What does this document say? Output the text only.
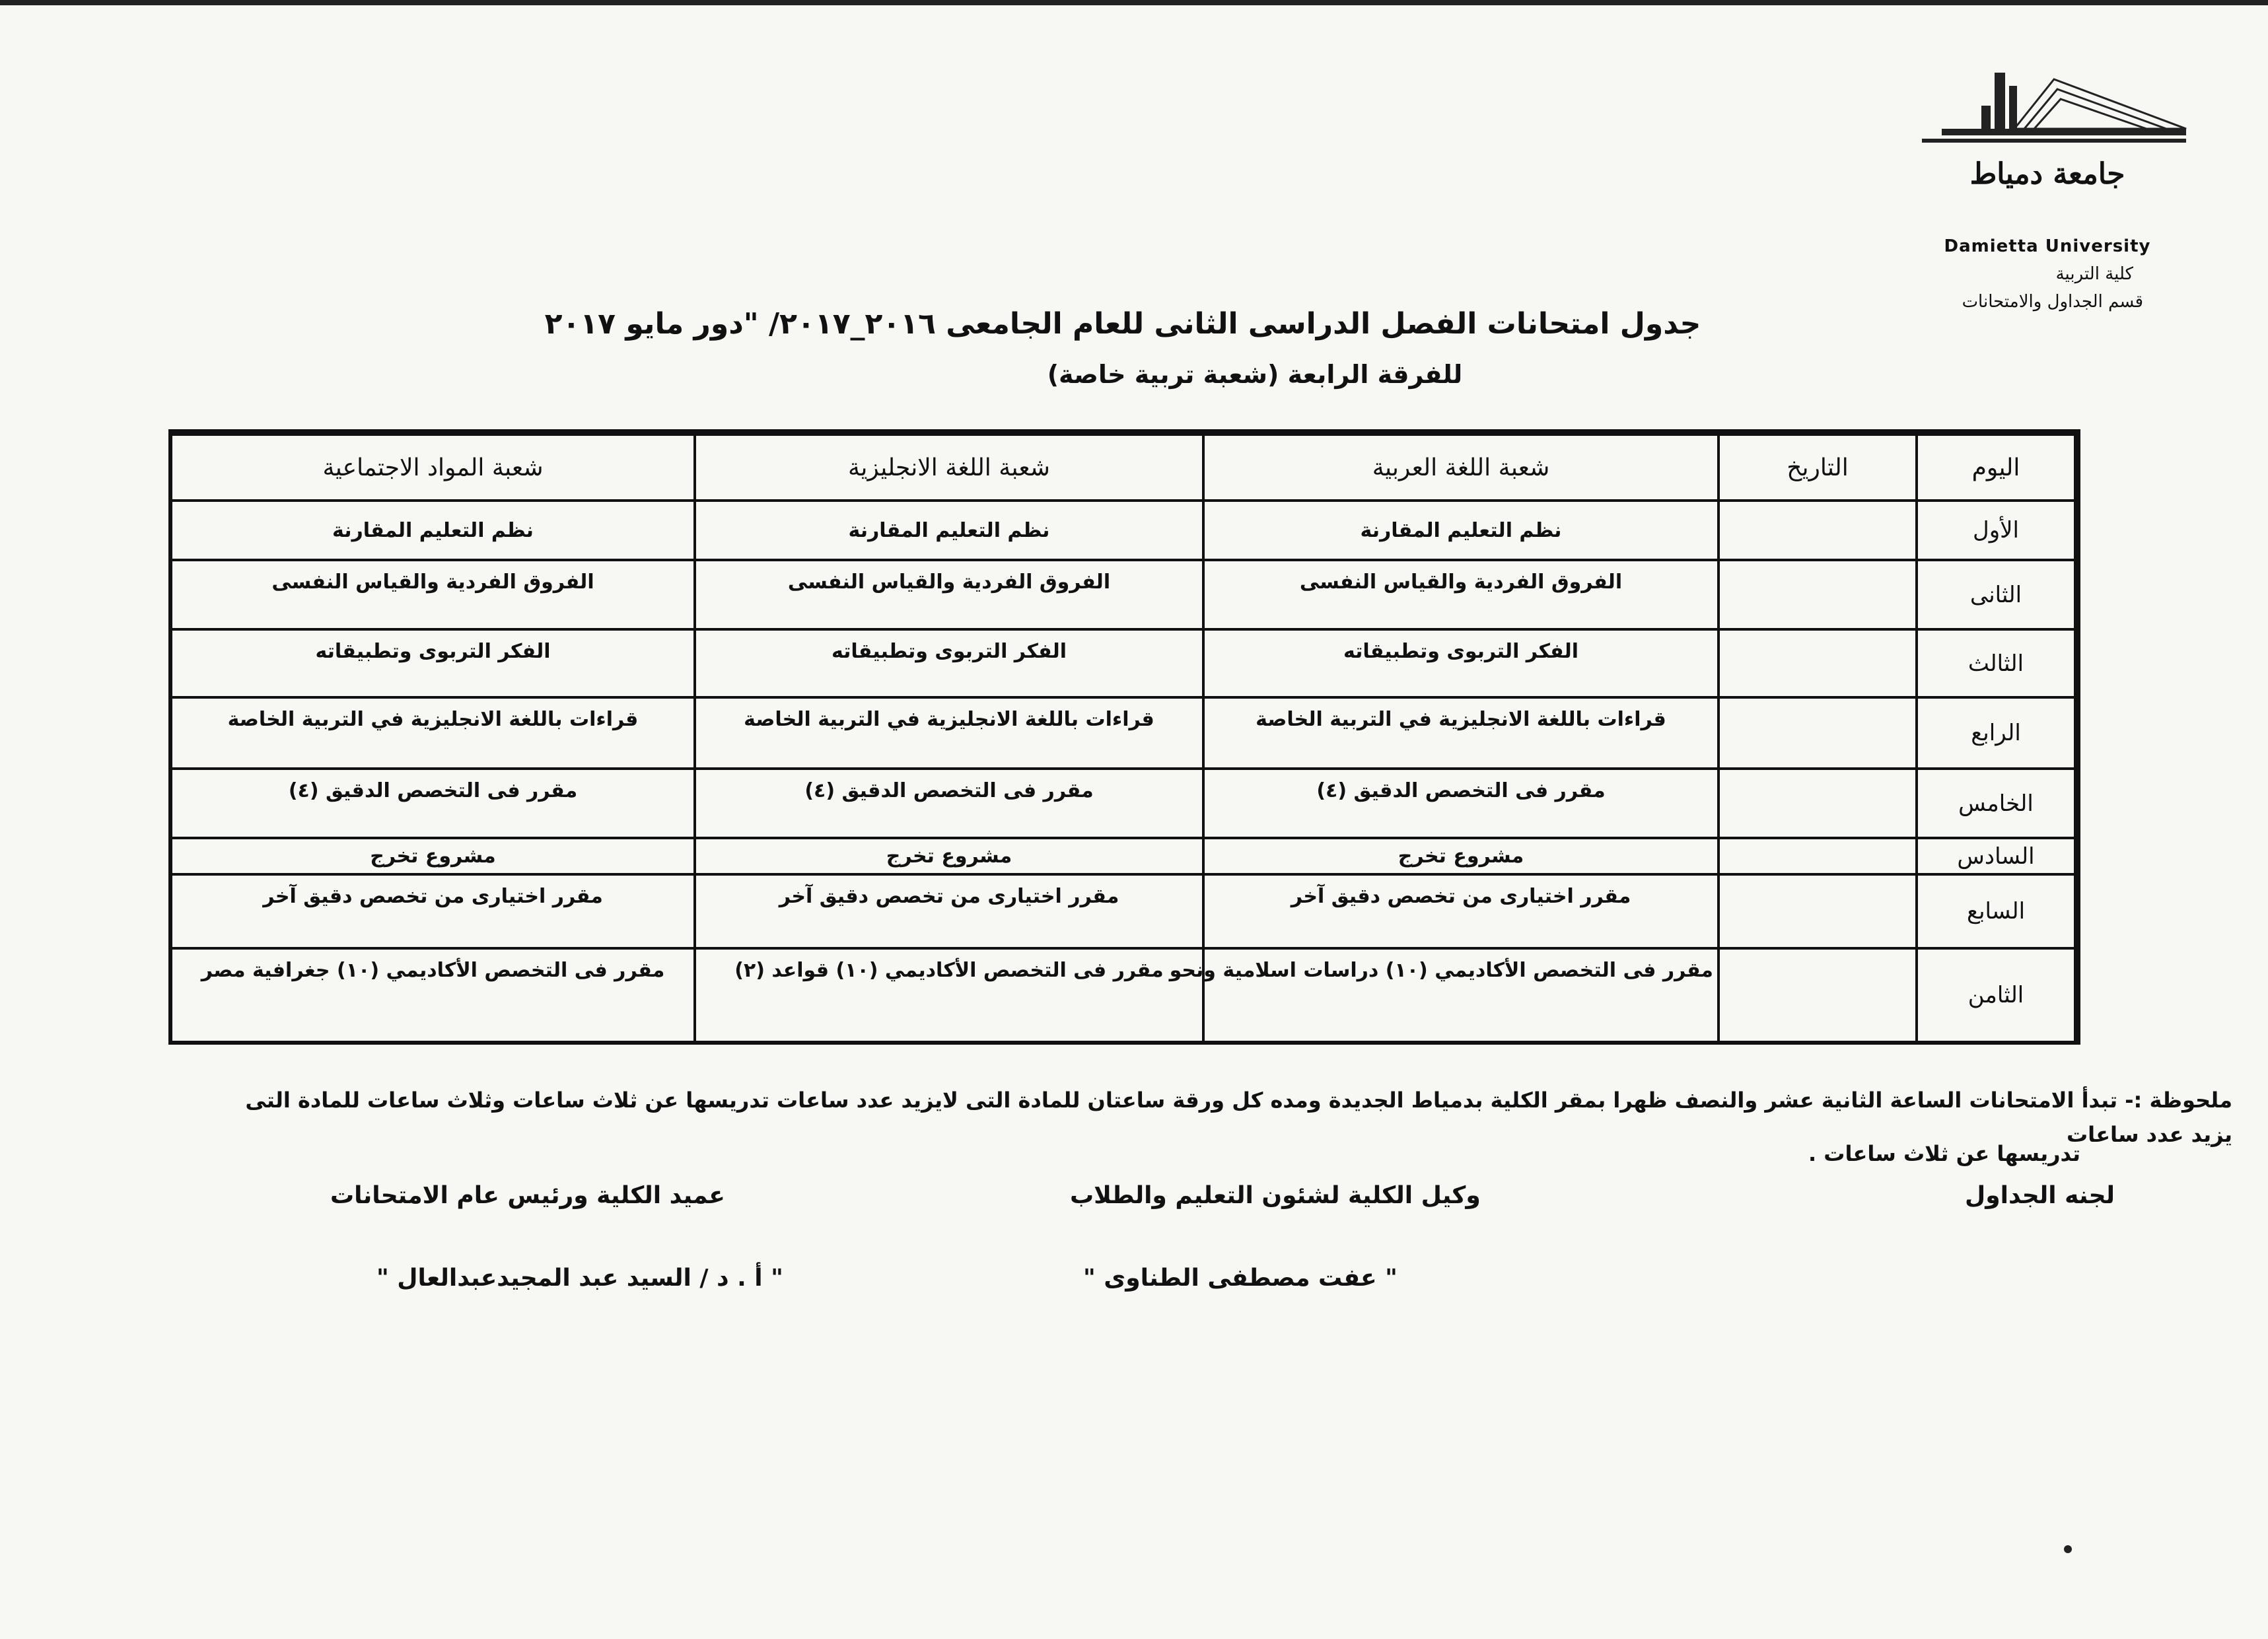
جامعة دمياط
Damietta University
كلية التربية
قسم الجداول والامتحانات
جدول امتحانات الفصل الدراسى الثانى للعام الجامعى ٢٠١٦_٢٠١٧/ "دور مايو ٢٠١٧
للفرقة الرابعة (شعبة تربية خاصة)
اليوم	التاريخ	شعبة اللغة العربية	شعبة اللغة الانجليزية	شعبة المواد الاجتماعية
الأول		نظم التعليم المقارنة	نظم التعليم المقارنة	نظم التعليم المقارنة
الثانى		الفروق الفردية والقياس النفسى	الفروق الفردية والقياس النفسى	الفروق الفردية والقياس النفسى
الثالث		الفكر التربوى وتطبيقاته	الفكر التربوى وتطبيقاته	الفكر التربوى وتطبيقاته
الرابع		قراءات باللغة الانجليزية في التربية الخاصة	قراءات باللغة الانجليزية في التربية الخاصة	قراءات باللغة الانجليزية في التربية الخاصة
الخامس		مقرر فى التخصص الدقيق (٤)	مقرر فى التخصص الدقيق (٤)	مقرر فى التخصص الدقيق (٤)
السادس		مشروع تخرج	مشروع تخرج	مشروع تخرج
السابع		مقرر اختيارى من تخصص دقيق آخر	مقرر اختيارى من تخصص دقيق آخر	مقرر اختيارى من تخصص دقيق آخر
الثامن		مقرر فى التخصص الأكاديمي (١٠) دراسات اسلامية ونحو	مقرر فى التخصص الأكاديمي (١٠) قواعد (٢)	مقرر فى التخصص الأكاديمي (١٠) جغرافية مصر
ملحوظة :- تبدأ الامتحانات الساعة الثانية عشر والنصف ظهرا بمقر الكلية بدمياط الجديدة ومده كل ورقة ساعتان للمادة التى لايزيد عدد ساعات تدريسها عن ثلاث ساعات وثلاث ساعات للمادة التى يزيد عدد ساعات
تدريسها عن ثلاث ساعات .
لجنه الجداول
وكيل الكلية لشئون التعليم والطلاب
عميد الكلية ورئيس عام الامتحانات
" عفت مصطفى الطناوى "
" أ . د / السيد عبد المجيدعبدالعال "
